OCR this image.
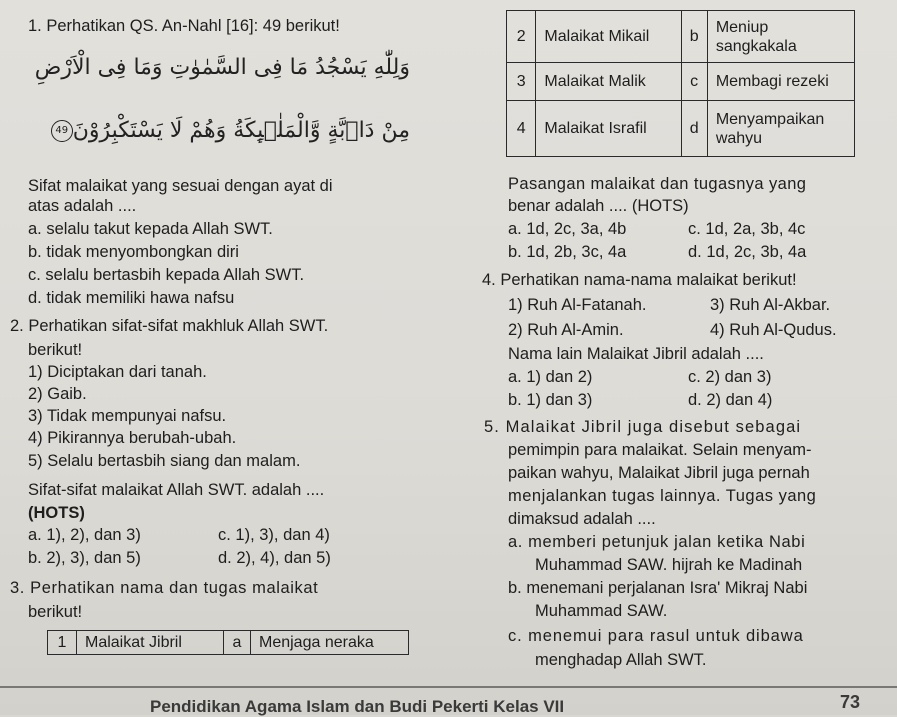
1. Perhatikan QS. An-Nahl [16]: 49 berikut!
وَلِلّٰهِ يَسْجُدُ مَا فِى السَّمٰوٰتِ وَمَا فِى الْاَرْضِ
مِنْ دَاۤبَّةٍ وَّالْمَلٰۤىِٕكَةُ وَهُمْ لَا يَسْتَكْبِرُوْنَ49
Sifat malaikat yang sesuai dengan ayat di
atas adalah ....
a. selalu takut kepada Allah SWT.
b. tidak menyombongkan diri
c. selalu bertasbih kepada Allah SWT.
d. tidak memiliki hawa nafsu
2. Perhatikan sifat-sifat makhluk Allah SWT.
berikut!
1) Diciptakan dari tanah.
2) Gaib.
3) Tidak mempunyai nafsu.
4) Pikirannya berubah-ubah.
5) Selalu bertasbih siang dan malam.
Sifat-sifat malaikat Allah SWT. adalah ....
(HOTS)
a. 1), 2), dan 3)	c. 1), 3), dan 4)
b. 2), 3), dan 5)	d. 2), 4), dan 5)
3. Perhatikan nama dan tugas malaikat
berikut!
1	Malaikat Jibril	a	Menjaga neraka
2	Malaikat Mikail	b	Meniup sangkakala
3	Malaikat Malik	c	Membagi rezeki
4	Malaikat Israfil	d	Menyampaikan wahyu
Pasangan malaikat dan tugasnya yang
benar adalah .... (HOTS)
a. 1d, 2c, 3a, 4b	c. 1d, 2a, 3b, 4c
b. 1d, 2b, 3c, 4a	d. 1d, 2c, 3b, 4a
4. Perhatikan nama-nama malaikat berikut!
1) Ruh Al-Fatanah.	3) Ruh Al-Akbar.
2) Ruh Al-Amin.	4) Ruh Al-Qudus.
Nama lain Malaikat Jibril adalah ....
a. 1) dan 2)	c. 2) dan 3)
b. 1) dan 3)	d. 2) dan 4)
5. Malaikat Jibril juga disebut sebagai
pemimpin para malaikat. Selain menyam-
paikan wahyu, Malaikat Jibril juga pernah
menjalankan tugas lainnya. Tugas yang
dimaksud adalah ....
a. memberi petunjuk jalan ketika Nabi
Muhammad SAW. hijrah ke Madinah
b. menemani perjalanan Isra' Mikraj Nabi
Muhammad SAW.
c. menemui para rasul untuk dibawa
menghadap Allah SWT.
Pendidikan Agama Islam dan Budi Pekerti Kelas VII	73
